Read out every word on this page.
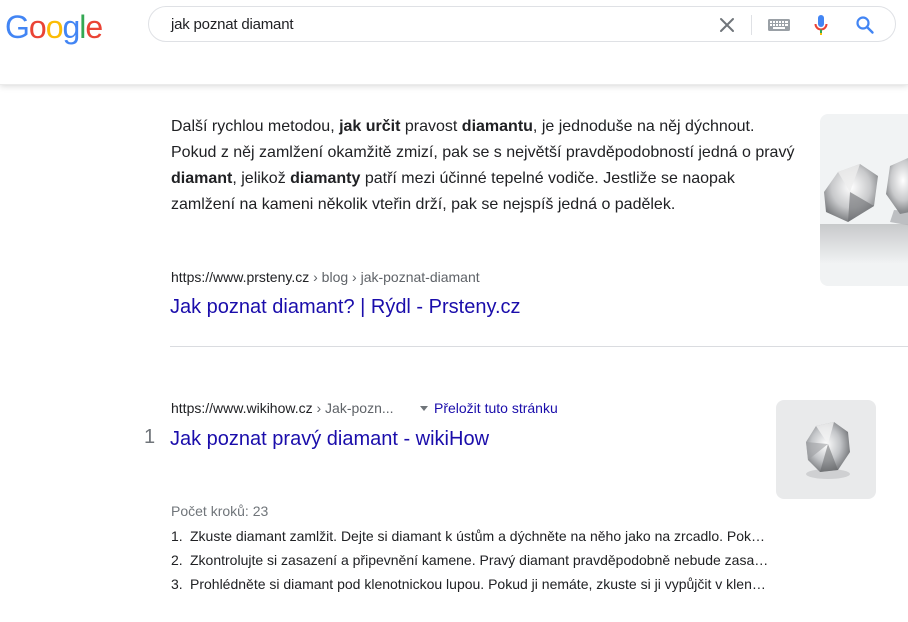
Google	jak poznat diamant
Další rychlou metodou, jak určit pravost diamantu, je jednoduše na něj dýchnout. Pokud z něj zamlžení okamžitě zmizí, pak se s největší pravděpodobností jedná o pravý diamant, jelikož diamanty patří mezi účinné tepelné vodiče. Jestliže se naopak zamlžení na kameni několik vteřin drží, pak se nejspíš jedná o padělek.
https://www.prsteny.cz › blog › jak-poznat-diamant
Jak poznat diamant? | Rýdl - Prsteny.cz
https://www.wikihow.cz › Jak-pozn...	Přeložit tuto stránku
1 Jak poznat pravý diamant - wikiHow
Počet kroků: 23
1. Zkuste diamant zamlžit. Dejte si diamant k ústům a dýchněte na něho jako na zrcadlo. Pok…
2. Zkontrolujte si zasazení a připevnění kamene. Pravý diamant pravděpodobně nebude zasa…
3. Prohlédněte si diamant pod klenotnickou lupou. Pokud ji nemáte, zkuste si ji vypůjčit v klen…
